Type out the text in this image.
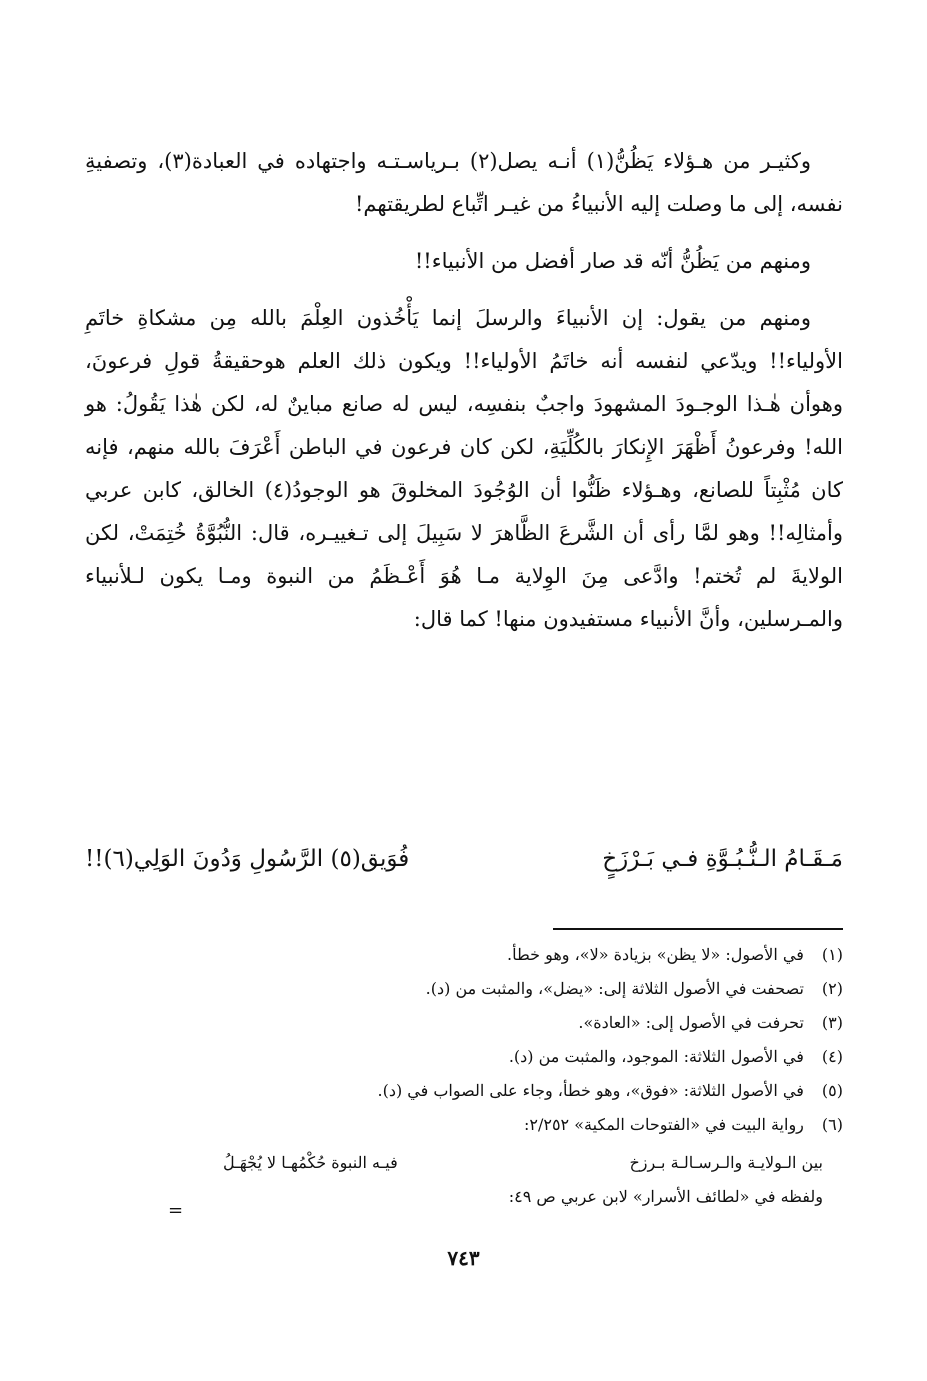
وكثيـر من هـؤلاء يَظُنُّ(١) أنـه يصل(٢) بـرياسـتـه واجتهاده في العبادة(٣)، وتصفيةِ نفسه، إلى ما وصلت إليه الأنبياءُ من غيـر اتِّباع لطريقتهم!

ومنهم من يَظُنُّ أنّه قد صار أفضل من الأنبياء!!

ومنهم من يقول: إن الأنبياءَ والرسلَ إنما يَأْخُذون العِلْمَ بالله مِن مشكاةِ خاتَمِ الأولياء!! ويدّعي لنفسه أنه خاتَمُ الأولياء!! ويكون ذلك العلم هوحقيقةُ قولِ فرعونَ، وهوأن هٰـذا الوجـودَ المشهودَ واجبٌ بنفسِه، ليس له صانع مباينٌ له، لكن هٰذا يَقُولُ: هو الله! وفرعونُ أَظْهَرَ الإِنكارَ بالكُلِّيَةِ، لكن كان فرعون في الباطن أَعْرَفَ بالله منهم، فإنه كان مُثْبِتاً للصانع، وهـؤلاء ظَنُّوا أن الوُجُودَ المخلوقَ هو الوجودُ(٤) الخالق، كابن عربي وأمثالِه!! وهو لمَّا رأى أن الشَّرعَ الظَّاهرَ لا سَبِيلَ إلى تـغييـره، قال: النُّبُوَّةُ خُتِمَتْ، لكن الولايةَ لم تُختم! وادَّعى مِنَ الوِلاية مـا هُوَ أَعْـظَمُ من النبوة ومـا يكون لـلأنبياء والمـرسلين، وأنَّ الأنبياء مستفيدون منها! كما قال:

مَـقَـامُ الـنُّـبُـوَّةِ فـي بَـرْزَخٍ
فُوَيق(٥) الرَّسُولِ وَدُونَ الوَلِي(٦)!!

(١) في الأصول: «لا يظن» بزيادة «لا»، وهو خطأ.

(٢) تصحفت في الأصول الثلاثة إلى: «يضل»، والمثبت من (د).

(٣) تحرفت في الأصول إلى: «العادة».

(٤) في الأصول الثلاثة: الموجود، والمثبت من (د).

(٥) في الأصول الثلاثة: «فوق»، وهو خطأ، وجاء على الصواب في (د).

(٦) رواية البيت في «الفتوحات المكية» ٢/٢٥٢:

بين الـولايـة والـرسـالـة بـرزخ
فيـه النبوة حُكْمُهـا لا يُجْهَـلُ

ولفظه في «لطائف الأسرار» لابن عربي ص ٤٩:

=
٧٤٣
